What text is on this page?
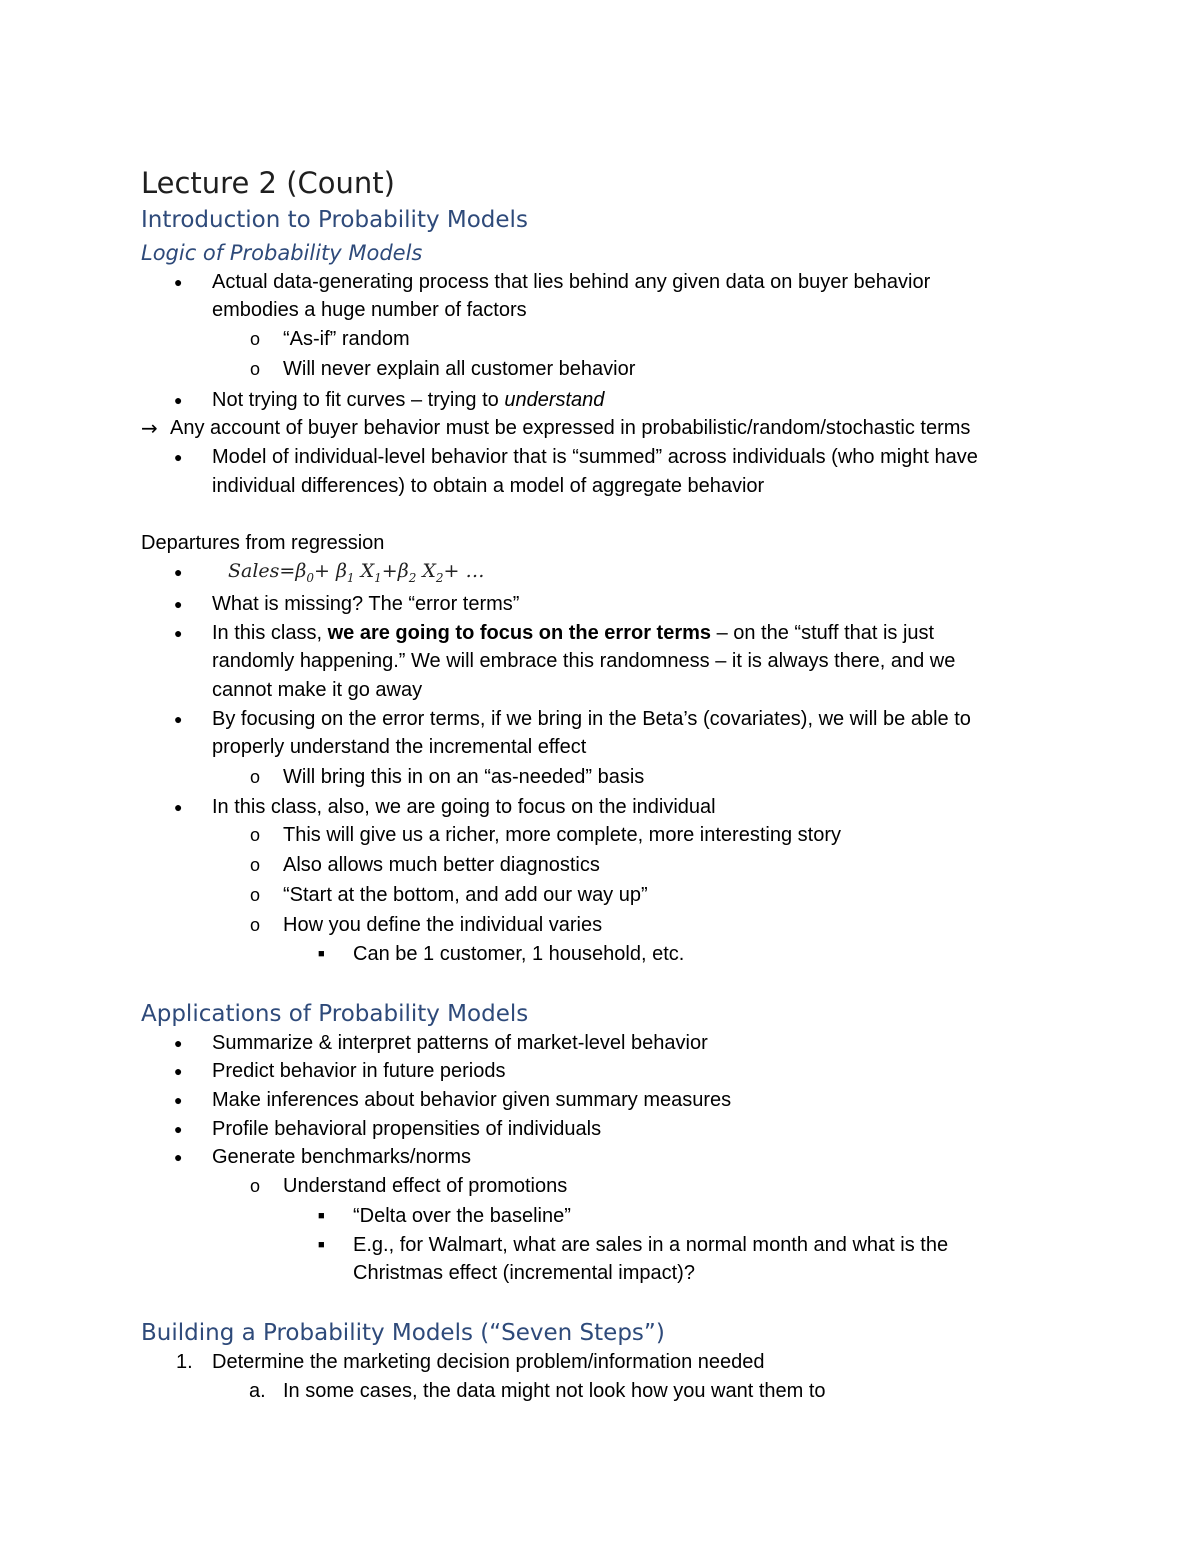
Lecture 2 (Count)
Introduction to Probability Models
Logic of Probability Models
● Actual data-generating process that lies behind any given data on buyer behavior
embodies a huge number of factors
o “As-if” random
o Will never explain all customer behavior
● Not trying to fit curves – trying to understand
→ Any account of buyer behavior must be expressed in probabilistic/random/stochastic terms
● Model of individual-level behavior that is “summed” across individuals (who might have
individual differences) to obtain a model of aggregate behavior
Departures from regression
● $Sales=\beta_0+ \beta_1$ $X_1+\beta_2$ $X_2+$ …
● What is missing? The “error terms”
● In this class, we are going to focus on the error terms – on the “stuff that is just
randomly happening.” We will embrace this randomness – it is always there, and we
cannot make it go away
● By focusing on the error terms, if we bring in the Beta’s (covariates), we will be able to
properly understand the incremental effect
o Will bring this in on an “as-needed” basis
● In this class, also, we are going to focus on the individual
o This will give us a richer, more complete, more interesting story
o Also allows much better diagnostics
o “Start at the bottom, and add our way up”
o How you define the individual varies
■ Can be 1 customer, 1 household, etc.
Applications of Probability Models
● Summarize & interpret patterns of market-level behavior
● Predict behavior in future periods
● Make inferences about behavior given summary measures
● Profile behavioral propensities of individuals
● Generate benchmarks/norms
o Understand effect of promotions
■ “Delta over the baseline”
■ E.g., for Walmart, what are sales in a normal month and what is the
Christmas effect (incremental impact)?
Building a Probability Models (“Seven Steps”)
1. Determine the marketing decision problem/information needed
a. In some cases, the data might not look how you want them to
